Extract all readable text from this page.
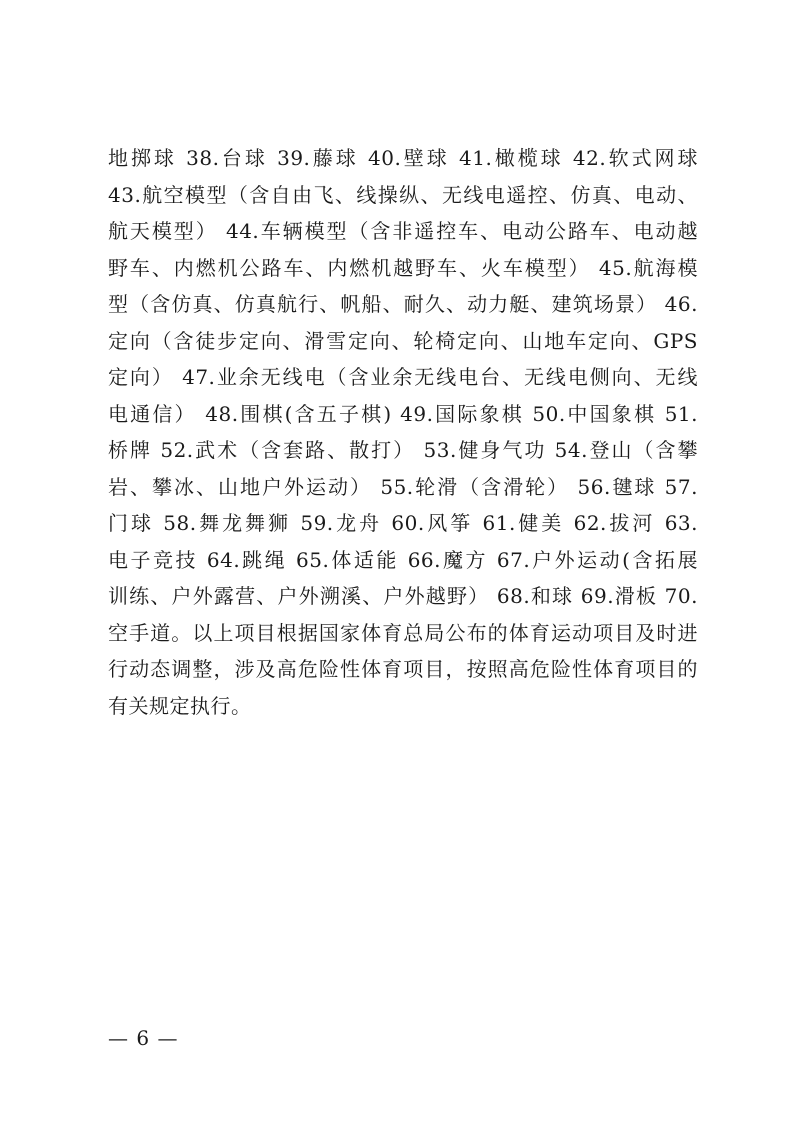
地掷球 38.台球 39.藤球 40.壁球 41.橄榄球 42.软式网球
43.航空模型（含自由飞、线操纵、无线电遥控、仿真、电动、
航天模型） 44.车辆模型（含非遥控车、电动公路车、电动越
野车、内燃机公路车、内燃机越野车、火车模型） 45.航海模
型（含仿真、仿真航行、帆船、耐久、动力艇、建筑场景） 46.
定向（含徒步定向、滑雪定向、轮椅定向、山地车定向、GPS
定向） 47.业余无线电（含业余无线电台、无线电侧向、无线
电通信） 48.围棋(含五子棋) 49.国际象棋 50.中国象棋 51.
桥牌 52.武术（含套路、散打） 53.健身气功 54.登山（含攀
岩、攀冰、山地户外运动） 55.轮滑（含滑轮） 56.毽球 57.
门球 58.舞龙舞狮 59.龙舟 60.风筝 61.健美 62.拔河 63.
电子竞技 64.跳绳 65.体适能 66.魔方 67.户外运动(含拓展
训练、户外露营、户外溯溪、户外越野） 68.和球 69.滑板 70.
空手道。以上项目根据国家体育总局公布的体育运动项目及时进
行动态调整，涉及高危险性体育项目，按照高危险性体育项目的
有关规定执行。
— 6 —
